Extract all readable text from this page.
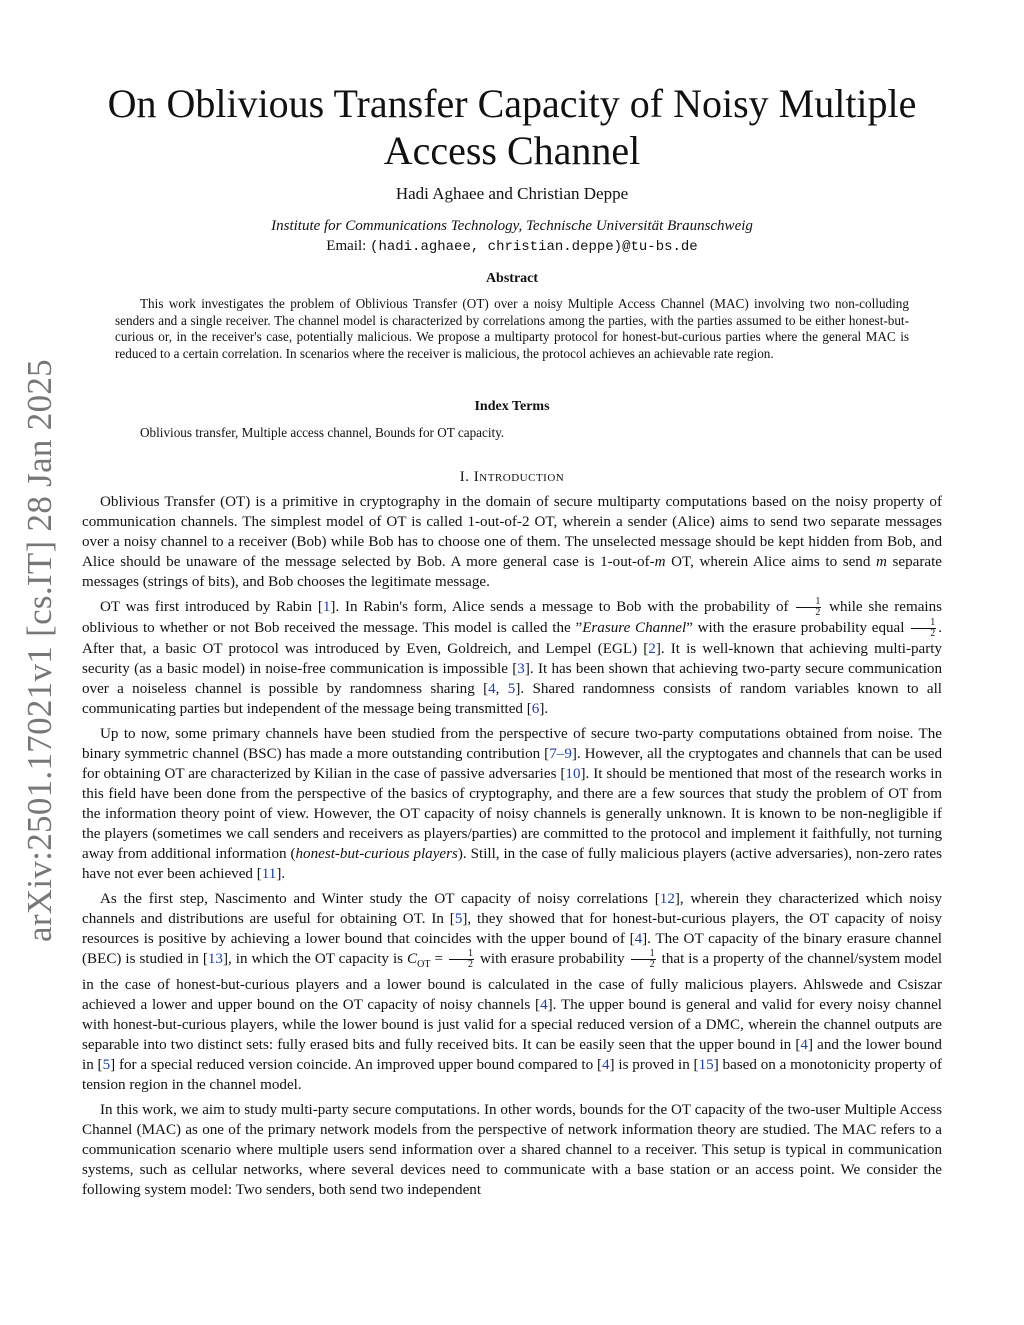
arXiv:2501.17021v1 [cs.IT] 28 Jan 2025
On Oblivious Transfer Capacity of Noisy Multiple Access Channel
Hadi Aghaee and Christian Deppe
Institute for Communications Technology, Technische Universität Braunschweig
Email: (hadi.aghaee, christian.deppe)@tu-bs.de
Abstract

This work investigates the problem of Oblivious Transfer (OT) over a noisy Multiple Access Channel (MAC) involving two non-colluding senders and a single receiver. The channel model is characterized by correlations among the parties, with the parties assumed to be either honest-but-curious or, in the receiver's case, potentially malicious. We propose a multiparty protocol for honest-but-curious parties where the general MAC is reduced to a certain correlation. In scenarios where the receiver is malicious, the protocol achieves an achievable rate region.

Index Terms
Oblivious transfer, Multiple access channel, Bounds for OT capacity.
I. Introduction

Oblivious Transfer (OT) is a primitive in cryptography in the domain of secure multiparty computations based on the noisy property of communication channels. The simplest model of OT is called 1-out-of-2 OT, wherein a sender (Alice) aims to send two separate messages over a noisy channel to a receiver (Bob) while Bob has to choose one of them. The unselected message should be kept hidden from Bob, and Alice should be unaware of the message selected by Bob. A more general case is 1-out-of-m OT, wherein Alice aims to send m separate messages (strings of bits), and Bob chooses the legitimate message.

OT was first introduced by Rabin [1]. In Rabin's form, Alice sends a message to Bob with the probability of $\frac{1}{2}$ while she remains oblivious to whether or not Bob received the message. This model is called the ”Erasure Channel” with the erasure probability equal $\frac{1}{2}$ . After that, a basic OT protocol was introduced by Even, Goldreich, and Lempel (EGL) [2]. It is well-known that achieving multi-party security (as a basic model) in noise-free communication is impossible [3]. It has been shown that achieving two-party secure communication over a noiseless channel is possible by randomness sharing [4, 5]. Shared randomness consists of random variables known to all communicating parties but independent of the message being transmitted [6].

Up to now, some primary channels have been studied from the perspective of secure two-party computations obtained from noise. The binary symmetric channel (BSC) has made a more outstanding contribution [7–9]. However, all the cryptogates and channels that can be used for obtaining OT are characterized by Kilian in the case of passive adversaries [10]. It should be mentioned that most of the research works in this field have been done from the perspective of the basics of cryptography, and there are a few sources that study the problem of OT from the information theory point of view. However, the OT capacity of noisy channels is generally unknown. It is known to be non-negligible if the players (sometimes we call senders and receivers as players/parties) are committed to the protocol and implement it faithfully, not turning away from additional information (honest-but-curious players). Still, in the case of fully malicious players (active adversaries), non-zero rates have not ever been achieved [11].

As the first step, Nascimento and Winter study the OT capacity of noisy correlations [12], wherein they characterized which noisy channels and distributions are useful for obtaining OT. In [5], they showed that for honest-but-curious players, the OT capacity of noisy resources is positive by achieving a lower bound that coincides with the upper bound of [4]. The OT capacity of the binary erasure channel (BEC) is studied in [13], in which the OT capacity is $C_{OT} = \frac{1}{2}$ with erasure probability $\frac{1}{2}$ that is a property of the channel/system model in the case of honest-but-curious players and a lower bound is calculated in the case of fully malicious players. Ahlswede and Csiszar achieved a lower and upper bound on the OT capacity of noisy channels [4]. The upper bound is general and valid for every noisy channel with honest-but-curious players, while the lower bound is just valid for a special reduced version of a DMC, wherein the channel outputs are separable into two distinct sets: fully erased bits and fully received bits. It can be easily seen that the upper bound in [4] and the lower bound in [5] for a special reduced version coincide. An improved upper bound compared to [4] is proved in [15] based on a monotonicity property of tension region in the channel model.

In this work, we aim to study multi-party secure computations. In other words, bounds for the OT capacity of the two-user Multiple Access Channel (MAC) as one of the primary network models from the perspective of network information theory are studied. The MAC refers to a communication scenario where multiple users send information over a shared channel to a receiver. This setup is typical in communication systems, such as cellular networks, where several devices need to communicate with a base station or an access point. We consider the following system model: Two senders, both send two independent
